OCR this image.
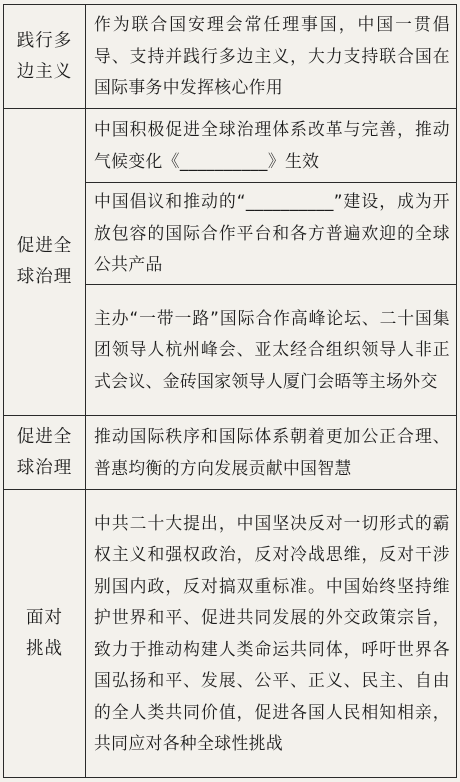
践行多
边主义	作为联合国安理会常任理事国，中国一贯倡导、支持并践行多边主义，大力支持联合国在国际事务中发挥核心作用

促进全
球治理	中国积极促进全球治理体系改革与完善，推动气候变化《__________》生效
	中国倡议和推动的“__________”建设，成为开放包容的国际合作平台和各方普遍欢迎的全球公共产品
	主办“一带一路”国际合作高峰论坛、二十国集团领导人杭州峰会、亚太经合组织领导人非正式会议、金砖国家领导人厦门会晤等主场外交

促进全
球治理	推动国际秩序和国际体系朝着更加公正合理、普惠均衡的方向发展贡献中国智慧

面对
挑战	中共二十大提出，中国坚决反对一切形式的霸权主义和强权政治，反对冷战思维，反对干涉别国内政，反对搞双重标准。中国始终坚持维护世界和平、促进共同发展的外交政策宗旨，致力于推动构建人类命运共同体，呼吁世界各国弘扬和平、发展、公平、正义、民主、自由的全人类共同价值，促进各国人民相知相亲，共同应对各种全球性挑战
